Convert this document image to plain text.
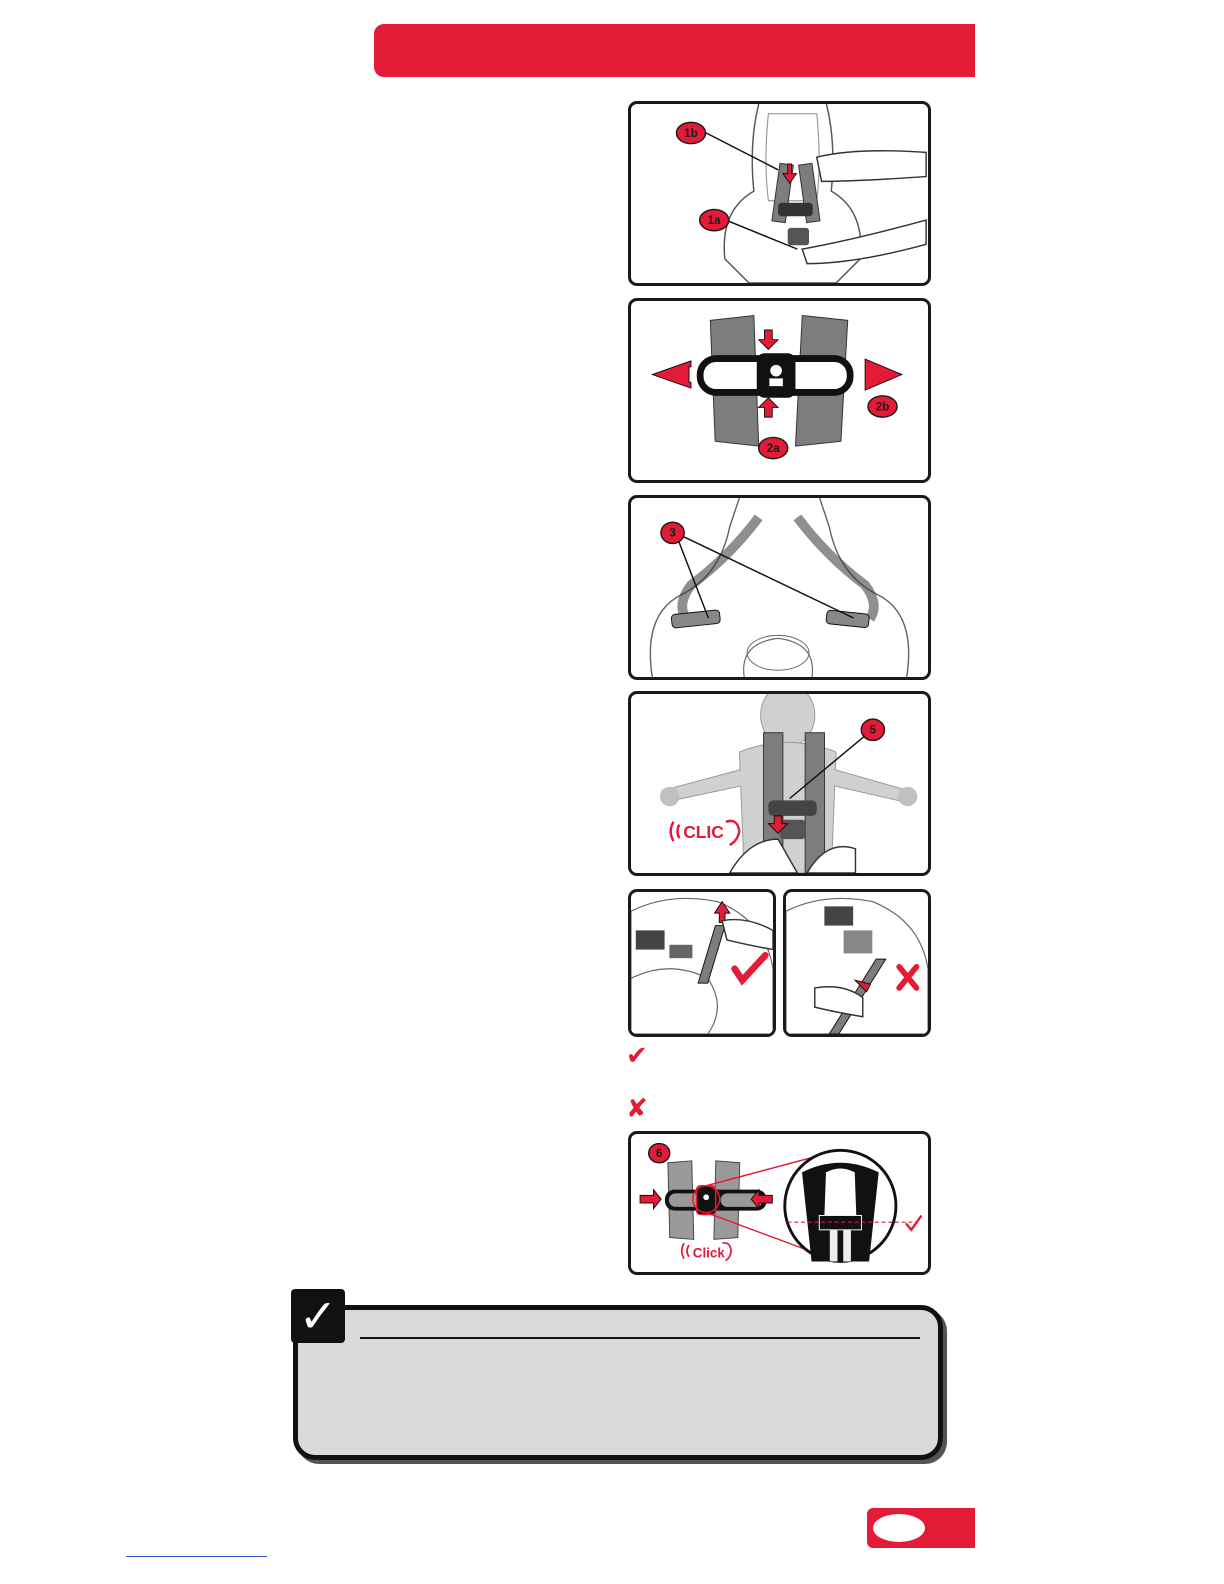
1b
1a
2b
2a
3
5
CLIC
✔
✘
6
Click
✓
